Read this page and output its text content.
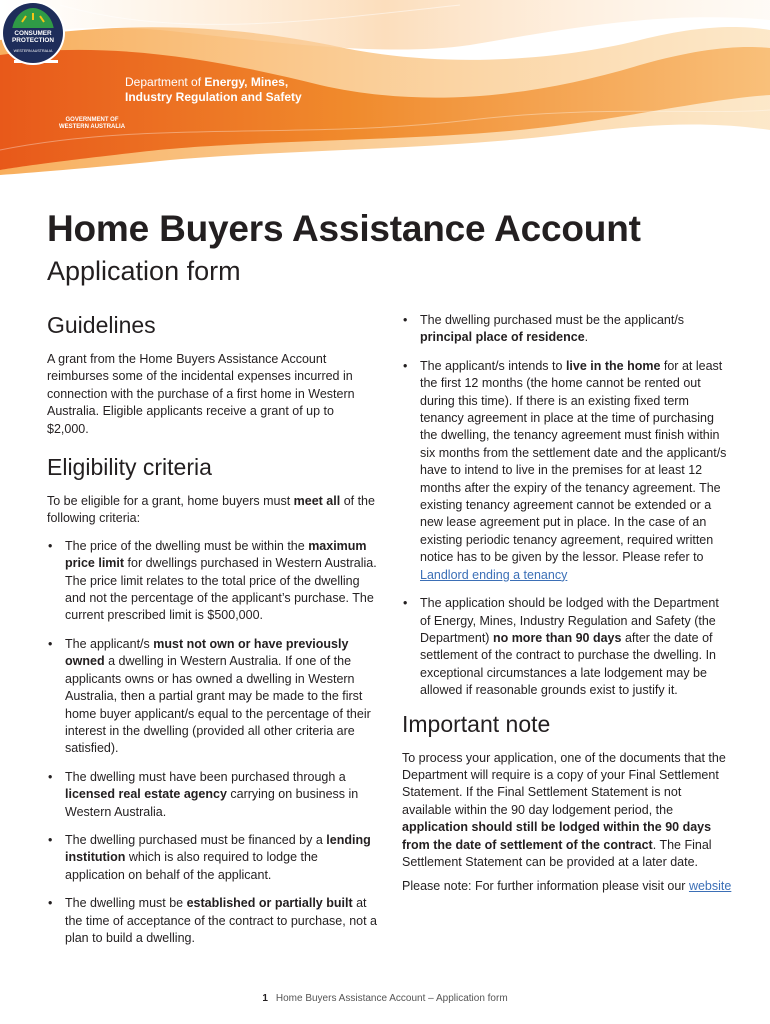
GOVERNMENT OF
WESTERN AUSTRALIA
Department of Energy, Mines,
Industry Regulation and Safety
CONSUMER
PROTECTION
WESTERN AUSTRALIA
Home Buyers Assistance Account
Application form
Guidelines

A grant from the Home Buyers Assistance Account reimburses some of the incidental expenses incurred in connection with the purchase of a first home in Western Australia. Eligible applicants receive a grant of up to $2,000.

Eligibility criteria

To be eligible for a grant, home buyers must meet all of the following criteria:

• The price of the dwelling must be within the maximum price limit for dwellings purchased in Western Australia. The price limit relates to the total price of the dwelling and not the percentage of the applicant’s purchase. The current prescribed limit is $500,000.
• The applicant/s must not own or have previously owned a dwelling in Western Australia. If one of the applicants owns or has owned a dwelling in Western Australia, then a partial grant may be made to the first home buyer applicant/s equal to the percentage of their interest in the dwelling (provided all other criteria are satisfied).
• The dwelling must have been purchased through a licensed real estate agency carrying on business in Western Australia.
• The dwelling purchased must be financed by a lending institution which is also required to lodge the application on behalf of the applicant.
• The dwelling must be established or partially built at the time of acceptance of the contract to purchase, not a plan to build a dwelling.
• The dwelling purchased must be the applicant/s principal place of residence.
• The applicant/s intends to live in the home for at least the first 12 months (the home cannot be rented out during this time). If there is an existing fixed term tenancy agreement in place at the time of purchasing the dwelling, the tenancy agreement must finish within six months from the settlement date and the applicant/s have to intend to live in the premises for at least 12 months after the expiry of the tenancy agreement. The existing tenancy agreement cannot be extended or a new lease agreement put in place. In the case of an existing periodic tenancy agreement, required written notice has to be given by the lessor. Please refer to Landlord ending a tenancy
• The application should be lodged with the Department of Energy, Mines, Industry Regulation and Safety (the Department) no more than 90 days after the date of settlement of the contract to purchase the dwelling. In exceptional circumstances a late lodgement may be allowed if reasonable grounds exist to justify it.
Important note

To process your application, one of the documents that the Department will require is a copy of your Final Settlement Statement. If the Final Settlement Statement is not available within the 90 day lodgement period, the application should still be lodged within the 90 days from the date of settlement of the contract. The Final Settlement Statement can be provided at a later date.

Please note: For further information please visit our website

1 Home Buyers Assistance Account – Application form
